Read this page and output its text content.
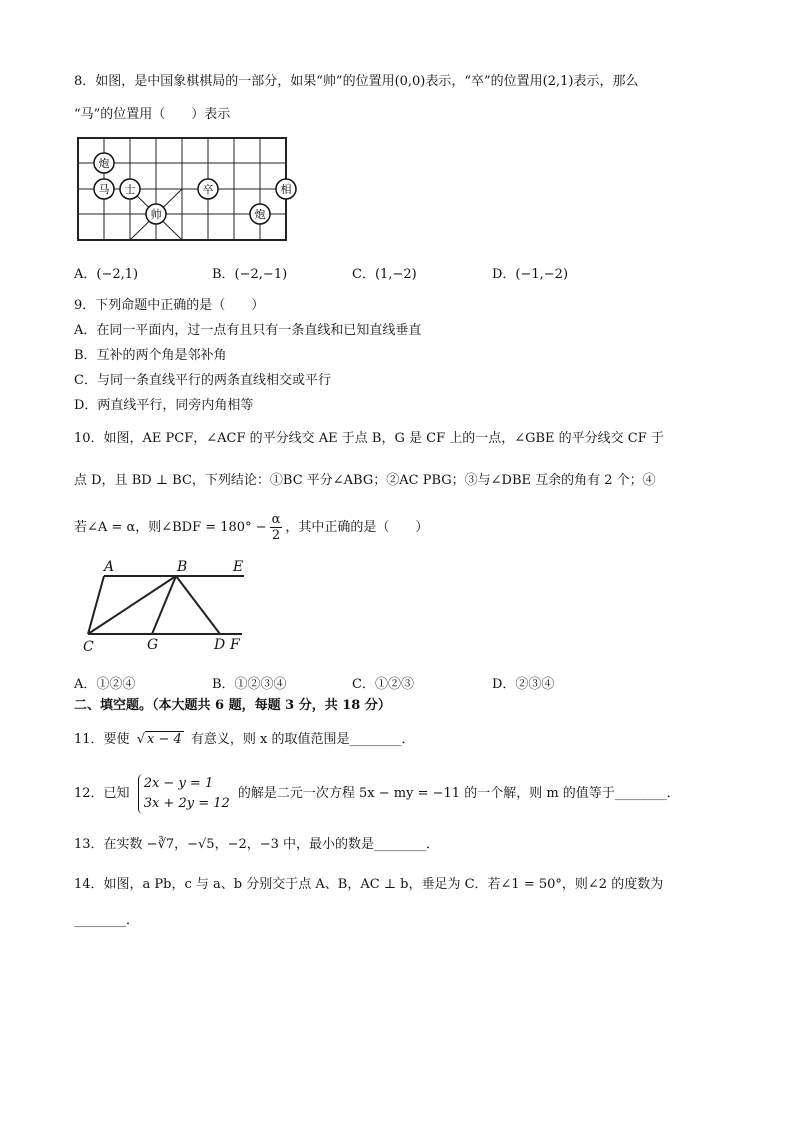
8．如图，是中国象棋棋局的一部分，如果“帅”的位置用(0,0)表示，“卒”的位置用(2,1)表示，那么
“马”的位置用（　　）表示
炮
马 士
帅
卒	相
炮
A．(−2,1)	B．(−2,−1)	C．(1,−2)	D．(−1,−2)
9．下列命题中正确的是（　　）
A．在同一平面内，过一点有且只有一条直线和已知直线垂直
B．互补的两个角是邻补角
C．与同一条直线平行的两条直线相交或平行
D．两直线平行，同旁内角相等
10．如图，AE PCF，∠ACF 的平分线交 AE 于点 B，G 是 CF 上的一点，∠GBE 的平分线交 CF 于
点 D，且 BD ⊥ BC，下列结论：①BC 平分∠ABG；②AC PBG；③与∠DBE 互余的角有 2 个；④
若∠A = α，则∠BDF = $180^\circ - \frac{\alpha}{2}$ ，其中正确的是（　　）
A	B	E
C	G	D F
A．①②④	B．①②③④	C．①②③	D．②③④
二、填空题。（本大题共 6 题，每题 3 分，共 18 分）
11．要使 √ x − 4 有意义，则 x 的取值范围是________．
12．已知
2x − y = 1
3x + 2y = 12
的解是二元一次方程 5x − my = −11 的一个解，则 m 的值等于________．
13．在实数 −∛7，−√5，−2，−3 中，最小的数是________．
14．如图，a Pb，c 与 a、b 分别交于点 A、B，AC ⊥ b，垂足为 C．若∠1 = 50°，则∠2 的度数为
________．
